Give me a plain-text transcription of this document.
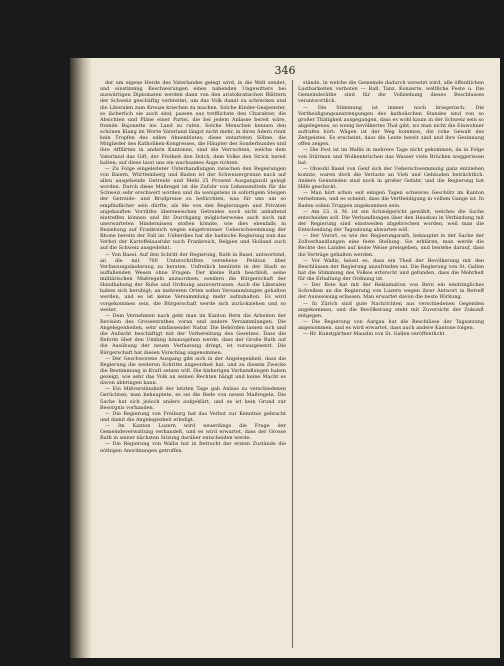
346

der um eigene Herde des Vaterlandes gelegt wird, in die Welt sendet, und einstimmig Beschwerungen eines nahenden Ungewitters bei auswärtigen Diplomaten werden dann von den aristokratischen Blättern der Schweiz geschäftig verbreitet, um das Volk damit zu schrecken und die Liberalen zum Kreuze kriechen zu machen. Solche Kinder-Gespenster, so lächerlich sie auch sind, passen aus trefflichste den Charakter, die Absichten und Pläne einer Partei, die bei jedem Anlasse bereit wäre, fremde Bajonette ins Land zu rufen. Solche Menschen kennen den schönen Klang im Worte Vaterland längst nicht mehr, in ihren Adern rinnt kein Tropfen des edlen Ahnenblutes; diese entarteten Söhne, die Mitglieder des Katholiken-Kongresses, die Häupter des Sonderbundes und ihre Affilirten in andern Kantonen, sind die Verruchten, welche dem Vaterland das Gift, der Freiheit den Dolch, dem Volke den Strick bereit halten; auf diese lasst uns ein wachsames Auge richten.

— Zu Folge eingeleiteter Unterhandlungen zwischen den Regierungen von Baiern, Württemberg und Baden ist der Schweizergrenze nach auf allen ausgehende Getreide und Mehl 25 Prozent Ausgangszoll gelegt worden. Durch diese Maßregel ist die Zufuhr von Lebensmitteln für die Schweiz sehr erschwert worden und da wenigstens in sofortigem Steigen der Getreide- und Brodpreise zu befürchten, was für uns um so empfindlicher sein dürfte, als die von den Regierungen und Privaten angekauften Vorräthe überseeischen Getreides noch nicht anhaltend eintreffen können und ihr Durchgang möglicherweise auch noch mit unerwarteten Hindernissen stoßen könnte, wie dies ebenfalls in Beziehung auf Frankreich wegen eingetretener Ueberschwemmung der Rhone bereits der Fall ist. Ueberdies hat die badische Regierung nun das Verbot der Kartoffelausfuhr nach Frankreich, Belgien und Holland auch auf die Schweiz ausgedehnt.

— Von Basel. Auf den Schritt der Regierung, Rath in Basel, antwortend, an die mit 700 Unterschriften versehene Petition über Verfassungsänderung zu beraten. Unfreilich benützte in der Stadt so auffallenden Wesen ohne Fragen: Der kleine Rath beschloß, seine militärischen Maßregeln anzuordnen, sondern die Bürgerschaft der Handhabung der Ruhe und Ordnung anzuvertrauen. Auch die Liberalen haben sich beruhigt; an mehreren Orten sollen Versammlungen gehalten werden, und es ist keine Versammlung mehr aufzuhalten. Es wird vorgekommen sein, die Bürgerschaft werde sich zurückziehen und so weiter.

— Dem Vernehmen nach geht man im Kanton Bern die Arbeiten der Revision des Grossenrathes voran und andere Versammlungen. Die Angelegenheiten, sehr umfassender Natur. Die Behörden lassen sich und die Aufsicht beschäftigt mit der Vorbereitung des Gesetzes. Dass die Reform über den Umfang hinausgehen werde, dass der Große Rath auf die Ausübung der neuen Verfassung dringt, ist vorausgesetzt. Die Bürgerschaft hat diesen Vorschlag angenommen.

— Der Geschworene Ausgang gibt sich in der Angelegenheit, dass die Regierung die weiteren Schritte angeordnet hat, und zu diesem Zwecke die Bestimmung in Kraft setzen will. Die bisherigen Verhandlungen haben gezeigt, wie sehr das Volk an seinen Rechten hängt und keine Macht es davon abbringen kann.

— Ein Mißverständniß der letzten Tage gab Anlass zu verschiedenen Gerüchten; man behauptete, es sei die Rede von neuen Maßregeln. Die Sache hat sich jedoch anders aufgeklärt, und es ist kein Grund zur Besorgnis vorhanden.

— Die Regierung von Freiburg hat das Verbot zur Kenntnis gebracht und damit die Angelegenheit erledigt.

— Im Kanton Luzern wird neuerdings die Frage der Gemeindeverwaltung verhandelt, und es wird erwartet, dass der Grosse Rath in seiner nächsten Sitzung darüber entscheiden werde.

— Die Regierung von Wallis hat in Betracht der ersten Zustände die nöthigen Anordnungen getroffen.

stände, in welche die Gemeinde dadurch versetzt wird, alle öffentlichen Lustbarkeiten verboten — Ball, Tanz, Konzerte, weltliche Feste u. Die Gemeinderäthe sind für die Vollziehung dieses Beschlusses verantwortlich.

— Die Stimmung ist immer noch kriegerisch. Die Vertheidigungsanstrengungen des katholischen Standes sind von so großer Thätigkeit ausgegangen, dass es wohl kaum in der Schweiz sein so abgelegenes, so wenig bevölkertes Thal gibt, wo man nicht die Einwohner aufrufen hört: Wägen ist der Weg kommen, die rohe Gewalt des Zeitgeistes. Es erscheint, dass die Leute bereit sind und ihre Gesinnung offen zeigen.

— Die Post ist im Wallis in mehrere Tage nicht gekommen, da in Folge von Stürmen und Wolkenbrüchen das Wasser viele Brücken weggerissen hat.

— Obwohl Basel von Genf sich der Ueberschwemmung ganz entziehen konnte, waren doch die Verluste an Vieh und Gebäuden beträchtlich. Andere Gemeinden sind noch in großer Gefahr, und die Regierung hat Hilfe geschickt.

— Man hört schon seit einigen Tagen schweres Geschütz im Kanton vernehmen, und es scheint, dass die Vertheidigung in vollem Gange ist. In Baden sollen Truppen angekommen sein.

— Am 23. d. M. ist ein Schiedgericht gewählt, welches die Sache entscheiden soll. Die Verhandlungen über den Hausbau in Verbindung mit der Regierung sind einstweilen abgebrochen worden, weil man die Entscheidung der Tagsatzung abwarten will.

— Der Vorort, so wie der Regierungsrath, behauptet in der Sache der Zollverhandlungen eine feste Stellung. Sie erklären, man werde die Rechte des Landes auf keine Weise preisgeben, und bestehe darauf, dass die Verträge gehalten werden.

— Vor Wallis, heisst es, dass ein Theil der Bevölkerung mit den Beschlüssen der Regierung unzufrieden sei. Die Regierung von St. Gallen hat die Stimmung des Volkes erforscht und gefunden, dass die Mehrheit für die Erhaltung der Ordnung ist.

— Der Bote hat mit der Reklamation von Bern ein eindringliches Schreiben an die Regierung von Luzern wegen ihrer Antwort in Betreff der Ausweisung erlassen. Man erwartet davon die beste Wirkung.

— In Zürich sind gute Nachrichten aus verschiedenen Gegenden angekommen, und die Bevölkerung steht mit Zuversicht der Zukunft entgegen.

— Die Regierung von Aargau hat die Beschlüsse der Tagsatzung angenommen, und es wird erwartet, dass auch andere Kantone folgen.

— Hr. Kunstgärtner Mauslin von St. Gallen veröffentlicht
